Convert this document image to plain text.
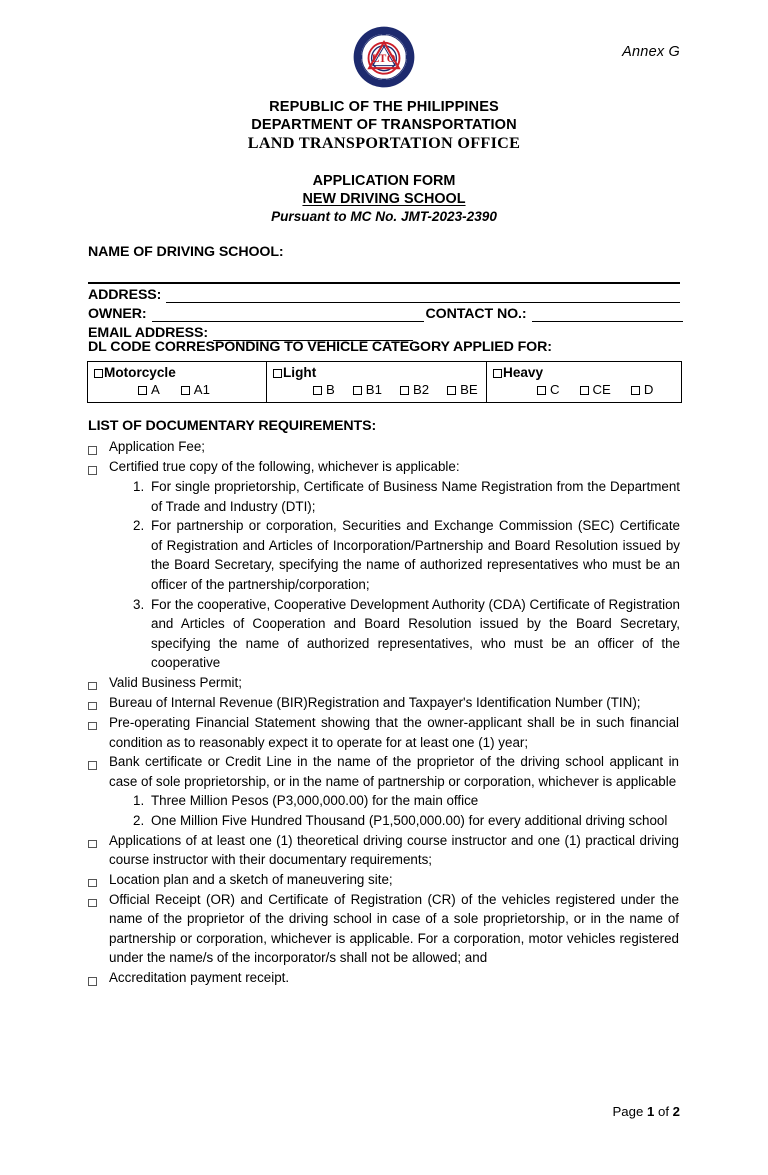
Annex G
LTO
REPUBLIC OF THE PHILIPPINES
DEPARTMENT OF TRANSPORTATION
LAND TRANSPORTATION OFFICE
APPLICATION FORM
NEW DRIVING SCHOOL
Pursuant to MC No. JMT-2023-2390
NAME OF DRIVING SCHOOL:
ADDRESS:
OWNER:	CONTACT NO.:
EMAIL ADDRESS:
DL CODE CORRESPONDING TO VEHICLE CATEGORY APPLIED FOR:
Motorcycle
A	A1
Light
B	B1	B2	BE
Heavy
C	CE	D
LIST OF DOCUMENTARY REQUIREMENTS:
Application Fee;
Certified true copy of the following, whichever is applicable:
1. For single proprietorship, Certificate of Business Name Registration from the Department of Trade and Industry (DTI);
2. For partnership or corporation, Securities and Exchange Commission (SEC) Certificate of Registration and Articles of Incorporation/Partnership and Board Resolution issued by the Board Secretary, specifying the name of authorized representatives who must be an officer of the partnership/corporation;
3. For the cooperative, Cooperative Development Authority (CDA) Certificate of Registration and Articles of Cooperation and Board Resolution issued by the Board Secretary, specifying the name of authorized representatives, who must be an officer of the cooperative
Valid Business Permit;
Bureau of Internal Revenue (BIR)Registration and Taxpayer's Identification Number (TIN);
Pre-operating Financial Statement showing that the owner-applicant shall be in such financial condition as to reasonably expect it to operate for at least one (1) year;
Bank certificate or Credit Line in the name of the proprietor of the driving school applicant in case of sole proprietorship, or in the name of partnership or corporation, whichever is applicable
1. Three Million Pesos (P3,000,000.00) for the main office
2. One Million Five Hundred Thousand (P1,500,000.00) for every additional driving school
Applications of at least one (1) theoretical driving course instructor and one (1) practical driving course instructor with their documentary requirements;
Location plan and a sketch of maneuvering site;
Official Receipt (OR) and Certificate of Registration (CR) of the vehicles registered under the name of the proprietor of the driving school in case of a sole proprietorship, or in the name of partnership or corporation, whichever is applicable. For a corporation, motor vehicles registered under the name/s of the incorporator/s shall not be allowed; and
Accreditation payment receipt.
Page 1 of 2
